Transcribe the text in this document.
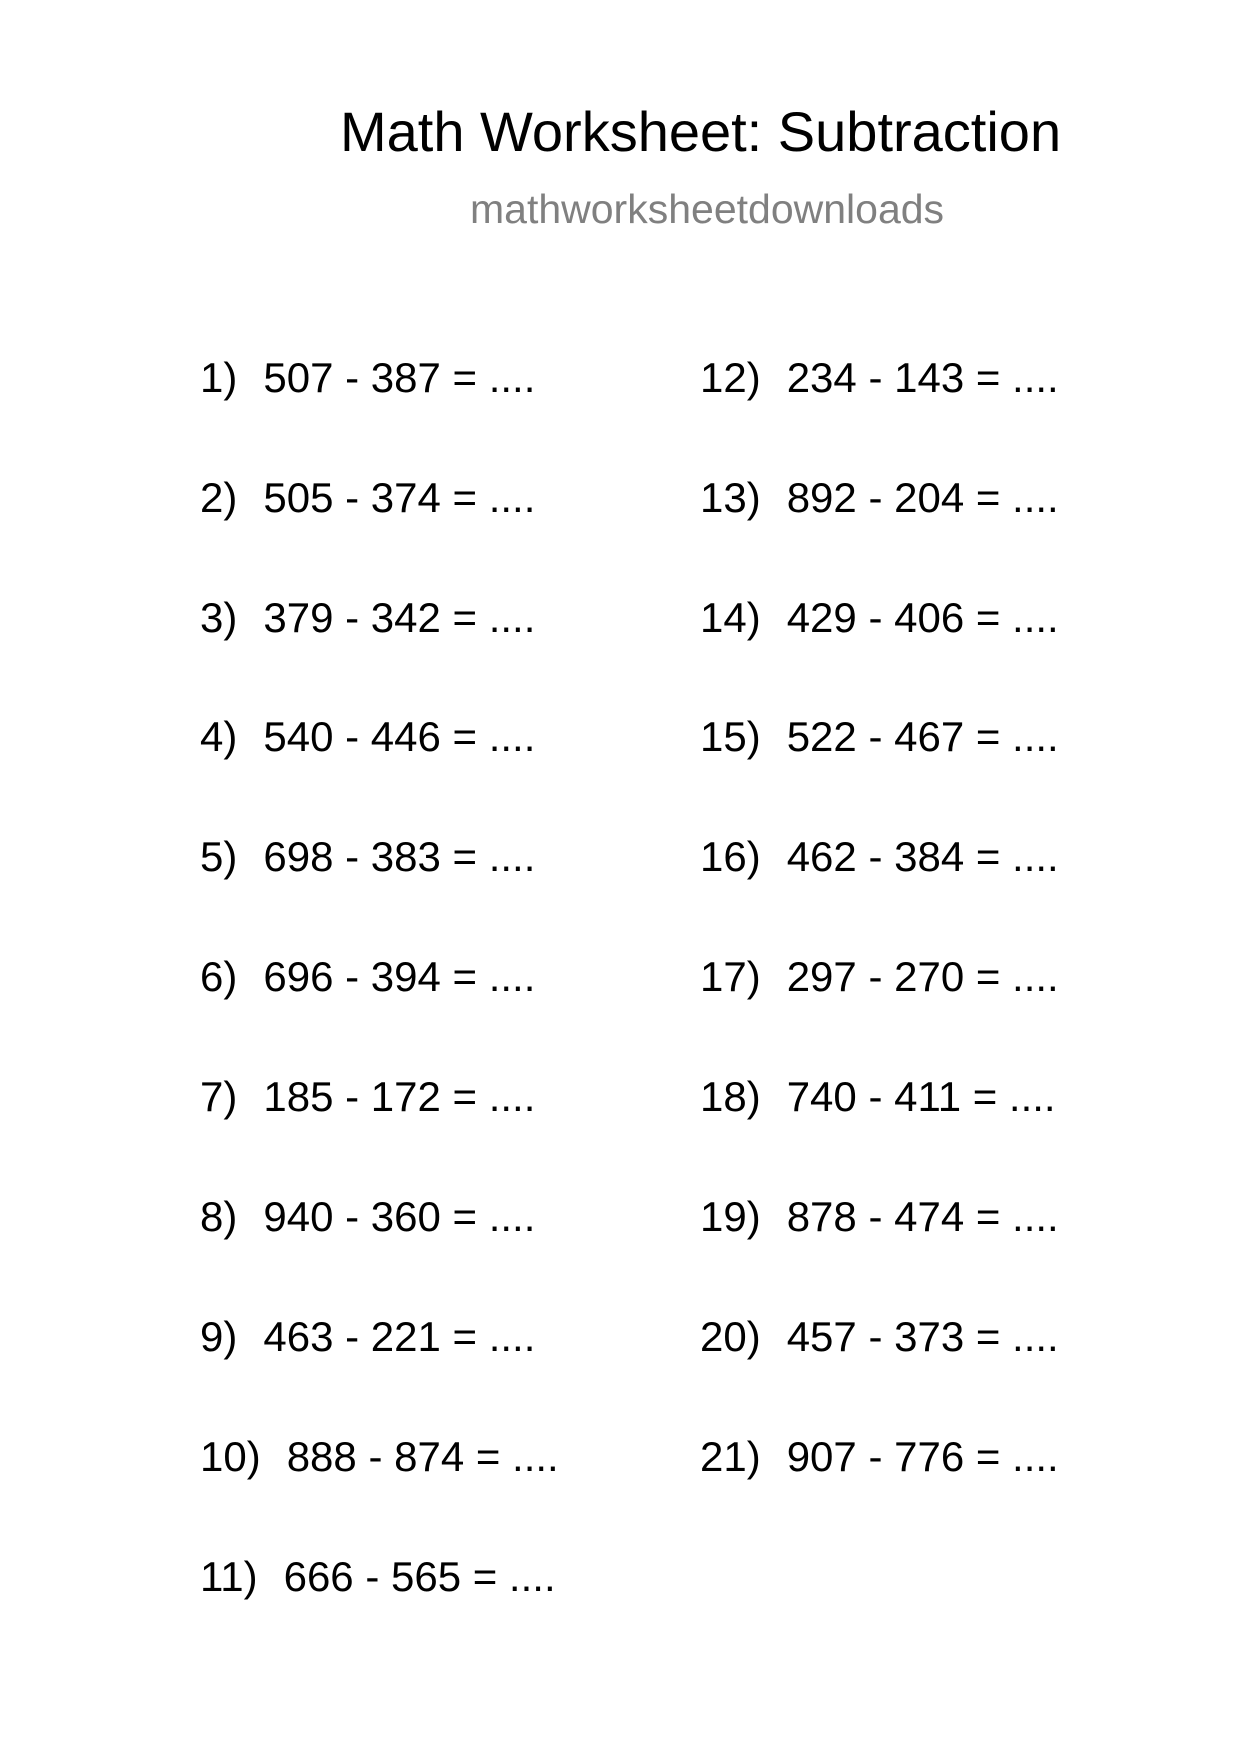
Math Worksheet: Subtraction
mathworksheetdownloads
1) 507 - 387 = ....
2) 505 - 374 = ....
3) 379 - 342 = ....
4) 540 - 446 = ....
5) 698 - 383 = ....
6) 696 - 394 = ....
7) 185 - 172 = ....
8) 940 - 360 = ....
9) 463 - 221 = ....
10) 888 - 874 = ....
11) 666 - 565 = ....
12) 234 - 143 = ....
13) 892 - 204 = ....
14) 429 - 406 = ....
15) 522 - 467 = ....
16) 462 - 384 = ....
17) 297 - 270 = ....
18) 740 - 411 = ....
19) 878 - 474 = ....
20) 457 - 373 = ....
21) 907 - 776 = ....
